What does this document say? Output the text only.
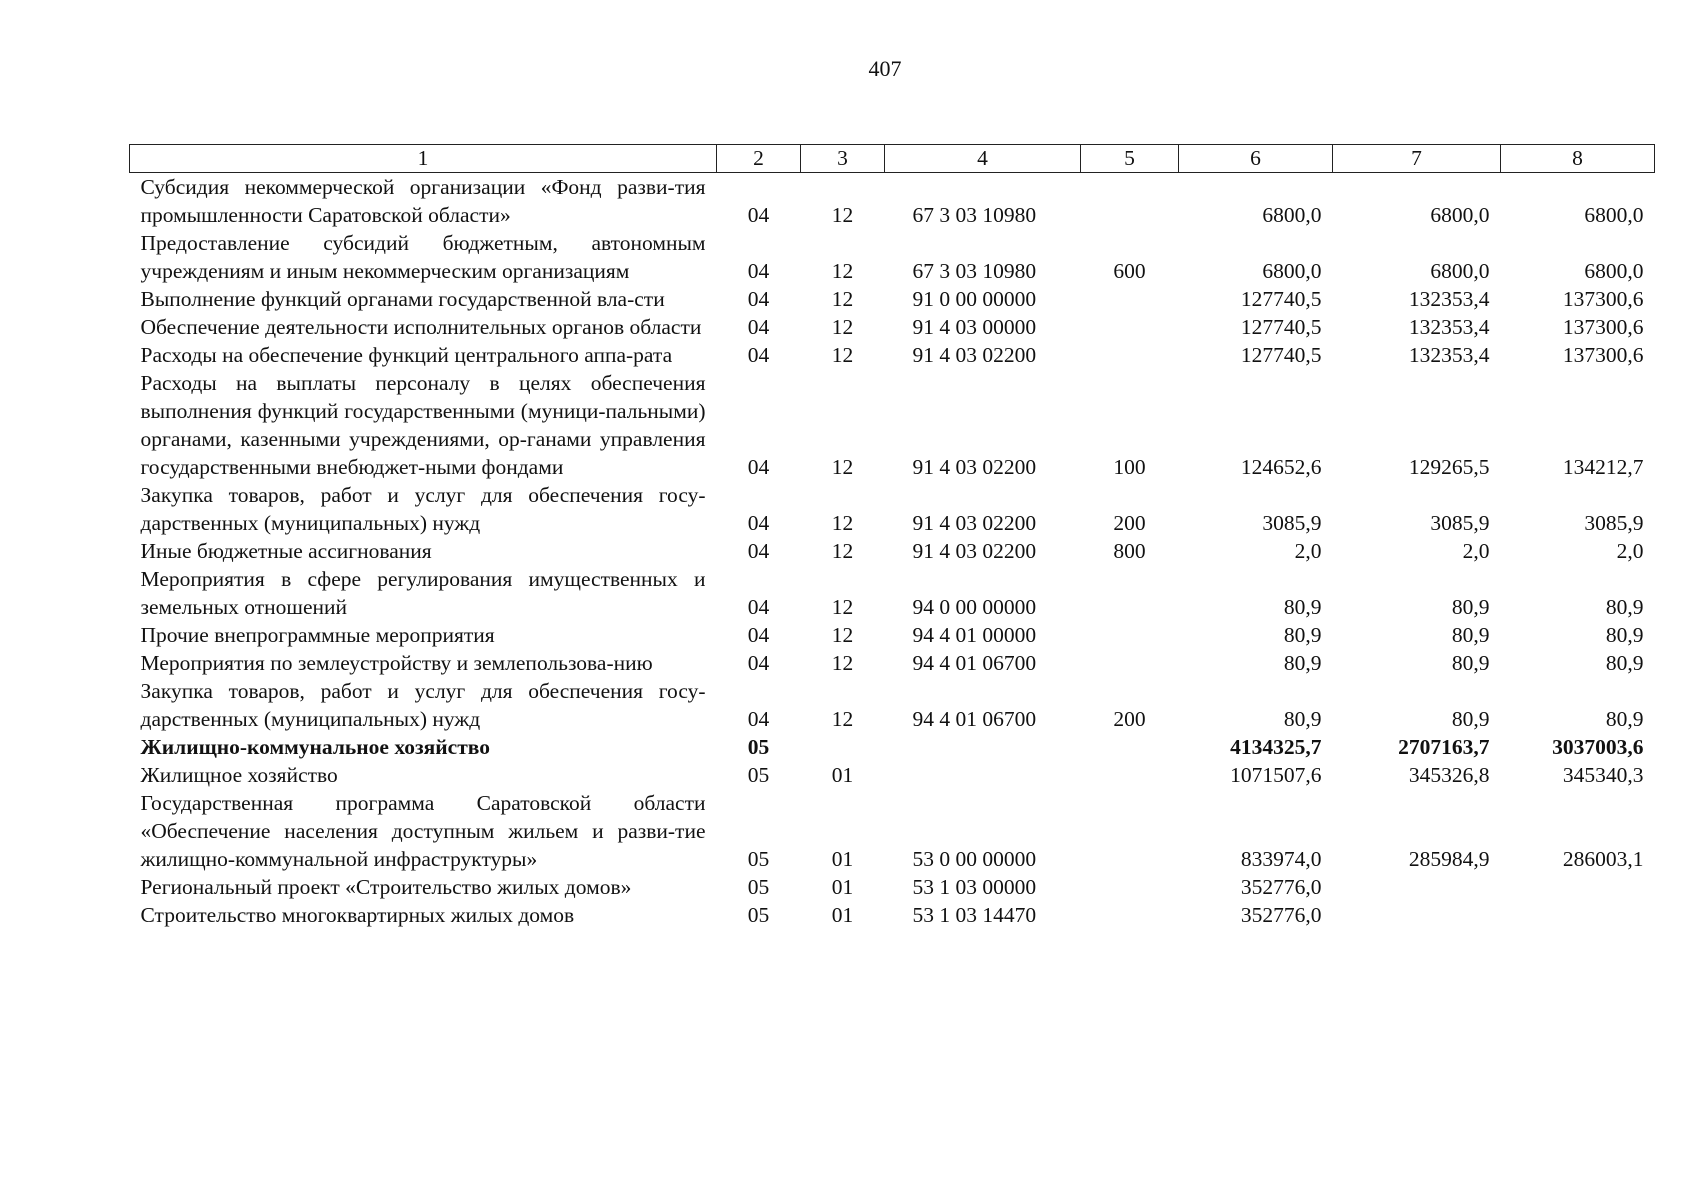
407
1	2	3	4	5	6	7	8
Субсидия некоммерческой организации «Фонд разви-тия промышленности Саратовской области»	04	12	67 3 03 10980		6800,0	6800,0	6800,0
Предоставление субсидий бюджетным, автономным учреждениям и иным некоммерческим организациям	04	12	67 3 03 10980	600	6800,0	6800,0	6800,0
Выполнение функций органами государственной вла-сти	04	12	91 0 00 00000		127740,5	132353,4	137300,6
Обеспечение деятельности исполнительных органов области	04	12	91 4 03 00000		127740,5	132353,4	137300,6
Расходы на обеспечение функций центрального аппа-рата	04	12	91 4 03 02200		127740,5	132353,4	137300,6
Расходы на выплаты персоналу в целях обеспечения выполнения функций государственными (муници-пальными) органами, казенными учреждениями, ор-ганами управления государственными внебюджет-ными фондами	04	12	91 4 03 02200	100	124652,6	129265,5	134212,7
Закупка товаров, работ и услуг для обеспечения госу-дарственных (муниципальных) нужд	04	12	91 4 03 02200	200	3085,9	3085,9	3085,9
Иные бюджетные ассигнования	04	12	91 4 03 02200	800	2,0	2,0	2,0
Мероприятия в сфере регулирования имущественных и земельных отношений	04	12	94 0 00 00000		80,9	80,9	80,9
Прочие внепрограммные мероприятия	04	12	94 4 01 00000		80,9	80,9	80,9
Мероприятия по землеустройству и землепользова-нию	04	12	94 4 01 06700		80,9	80,9	80,9
Закупка товаров, работ и услуг для обеспечения госу-дарственных (муниципальных) нужд	04	12	94 4 01 06700	200	80,9	80,9	80,9
Жилищно-коммунальное хозяйство	05				4134325,7	2707163,7	3037003,6
Жилищное хозяйство	05	01			1071507,6	345326,8	345340,3
Государственная программа Саратовской области «Обеспечение населения доступным жильем и разви-тие жилищно-коммунальной инфраструктуры»	05	01	53 0 00 00000		833974,0	285984,9	286003,1
Региональный проект «Строительство жилых домов»	05	01	53 1 03 00000		352776,0		
Строительство многоквартирных жилых домов	05	01	53 1 03 14470		352776,0		
